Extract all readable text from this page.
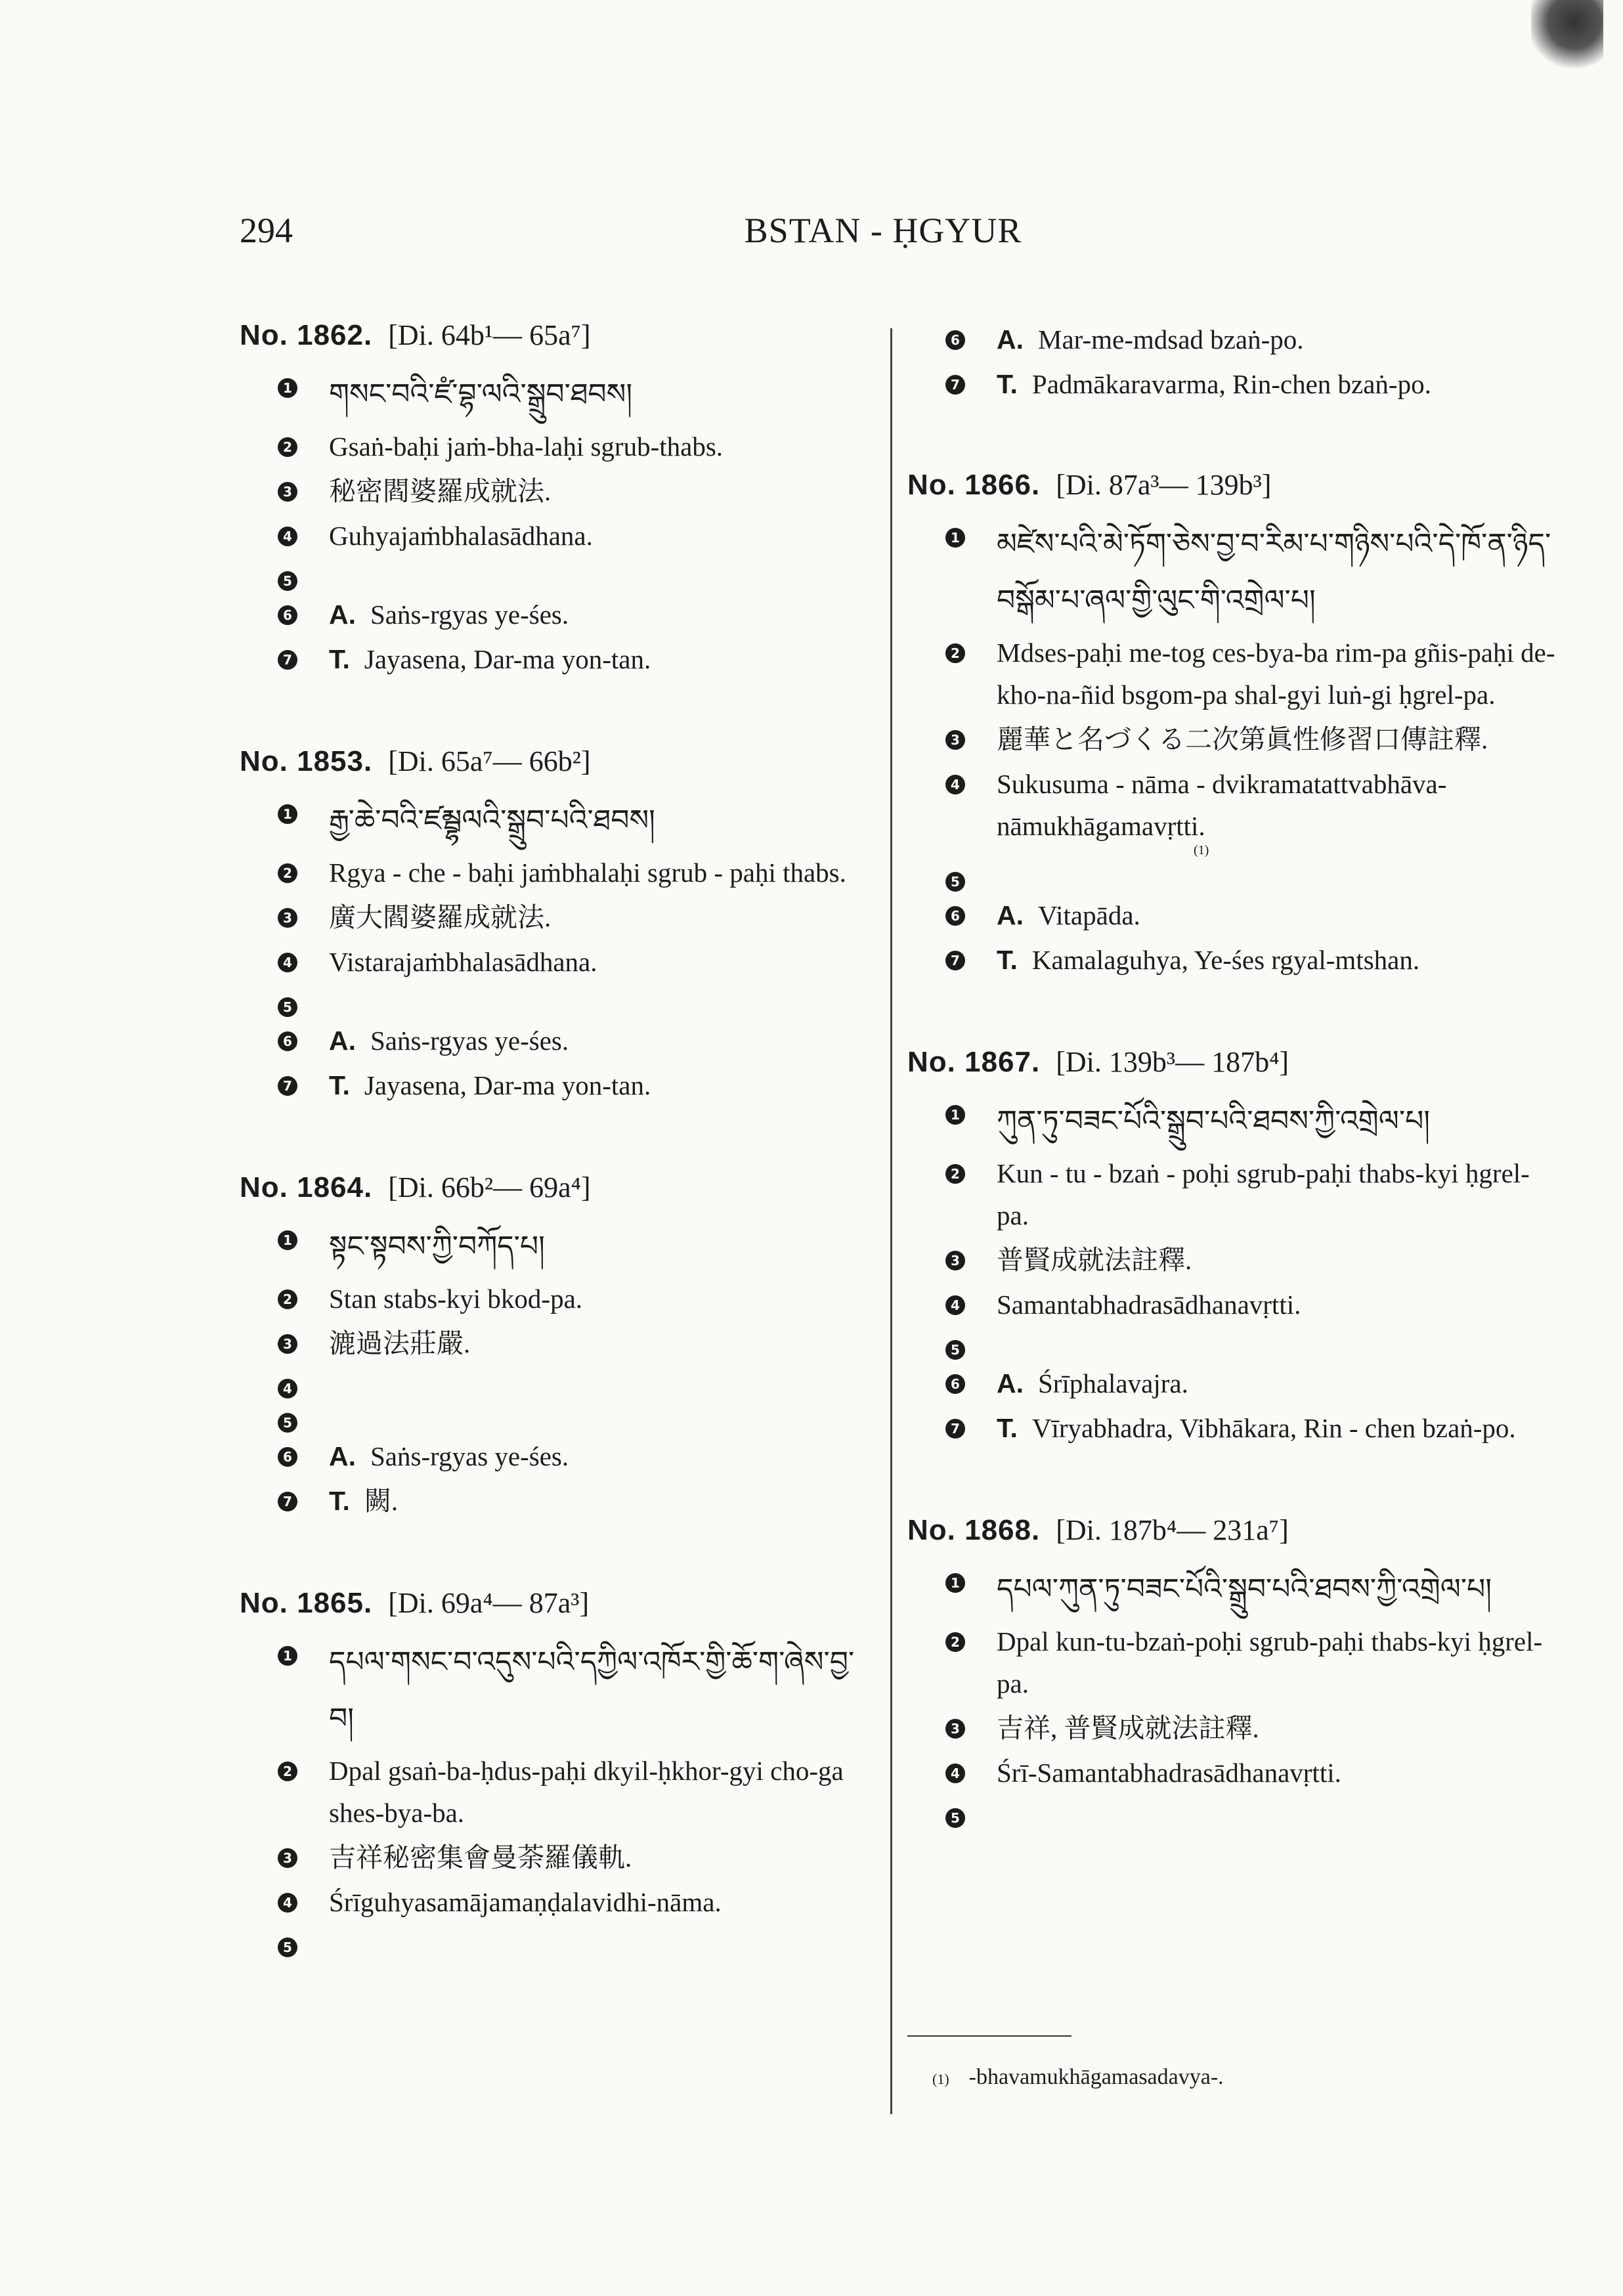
294	BSTAN - ḤGYUR
No. 1862. [Di. 64b¹— 65a⁷]
1 གསང་བའི་ཛཾ་བྷ་ལའི་སྒྲུབ་ཐབས།
2 Gsaṅ-baḥi jaṁ-bha-laḥi sgrub-thabs.
3 秘密閻婆羅成就法.
4 Guhyajaṁbhalasādhana.
5
6 A. Saṅs-rgyas ye-śes.
7 T. Jayasena, Dar-ma yon-tan.
No. 1853. [Di. 65a⁷— 66b²]
1 རྒྱ་ཆེ་བའི་ཛམྦྷལའི་སྒྲུབ་པའི་ཐབས།
2 Rgya - che - baḥi jaṁbhalaḥi sgrub - paḥi thabs.
3 廣大閻婆羅成就法.
4 Vistarajaṁbhalasādhana.
5
6 A. Saṅs-rgyas ye-śes.
7 T. Jayasena, Dar-ma yon-tan.
No. 1864. [Di. 66b²— 69a⁴]
1 སྟང་སྟབས་ཀྱི་བཀོད་པ།
2 Stan stabs-kyi bkod-pa.
3 漉過法莊嚴.
4
5
6 A. Saṅs-rgyas ye-śes.
7 T. 闕.
No. 1865. [Di. 69a⁴— 87a³]
1 དཔལ་གསང་བ་འདུས་པའི་དཀྱིལ་འཁོར་གྱི་ཆོ་ག་ཞེས་བྱ་བ།
2 Dpal gsaṅ-ba-ḥdus-paḥi dkyil-ḥkhor-gyi cho-ga shes-bya-ba.
3 吉祥秘密集會曼荼羅儀軌.
4 Śrīguhyasamājamaṇḍalavidhi-nāma.
5
6 A. Mar-me-mdsad bzaṅ-po.
7 T. Padmākaravarma, Rin-chen bzaṅ-po.
No. 1866. [Di. 87a³— 139b³]
1 མཛེས་པའི་མེ་ཏོག་ཅེས་བྱ་བ་རིམ་པ་གཉིས་པའི་དེ་ཁོ་ན་ཉིད་བསྒོམ་པ་ཞལ་གྱི་ལུང་གི་འགྲེལ་པ།
2 Mdses-paḥi me-tog ces-bya-ba rim-pa gñis-paḥi de-kho-na-ñid bsgom-pa shal-gyi luṅ-gi ḥgrel-pa.
3 麗華と名づくる二次第眞性修習口傳註釋.
4 Sukusuma - nāma - dvikramatattvabhāva-nāmukhāgamavṛtti.
(1)
5
6 A. Vitapāda.
7 T. Kamalaguhya, Ye-śes rgyal-mtshan.
No. 1867. [Di. 139b³— 187b⁴]
1 ཀུན་ཏུ་བཟང་པོའི་སྒྲུབ་པའི་ཐབས་ཀྱི་འགྲེལ་པ།
2 Kun - tu - bzaṅ - poḥi sgrub-paḥi thabs-kyi ḥgrel-pa.
3 普賢成就法註釋.
4 Samantabhadrasādhanavṛtti.
5
6 A. Śrīphalavajra.
7 T. Vīryabhadra, Vibhākara, Rin - chen bzaṅ-po.
No. 1868. [Di. 187b⁴— 231a⁷]
1 དཔལ་ཀུན་ཏུ་བཟང་པོའི་སྒྲུབ་པའི་ཐབས་ཀྱི་འགྲེལ་པ།
2 Dpal kun-tu-bzaṅ-poḥi sgrub-paḥi thabs-kyi ḥgrel-pa.
3 吉祥, 普賢成就法註釋.
4 Śrī-Samantabhadrasādhanavṛtti.
5
(1) -bhavamukhāgamasadavya-.
